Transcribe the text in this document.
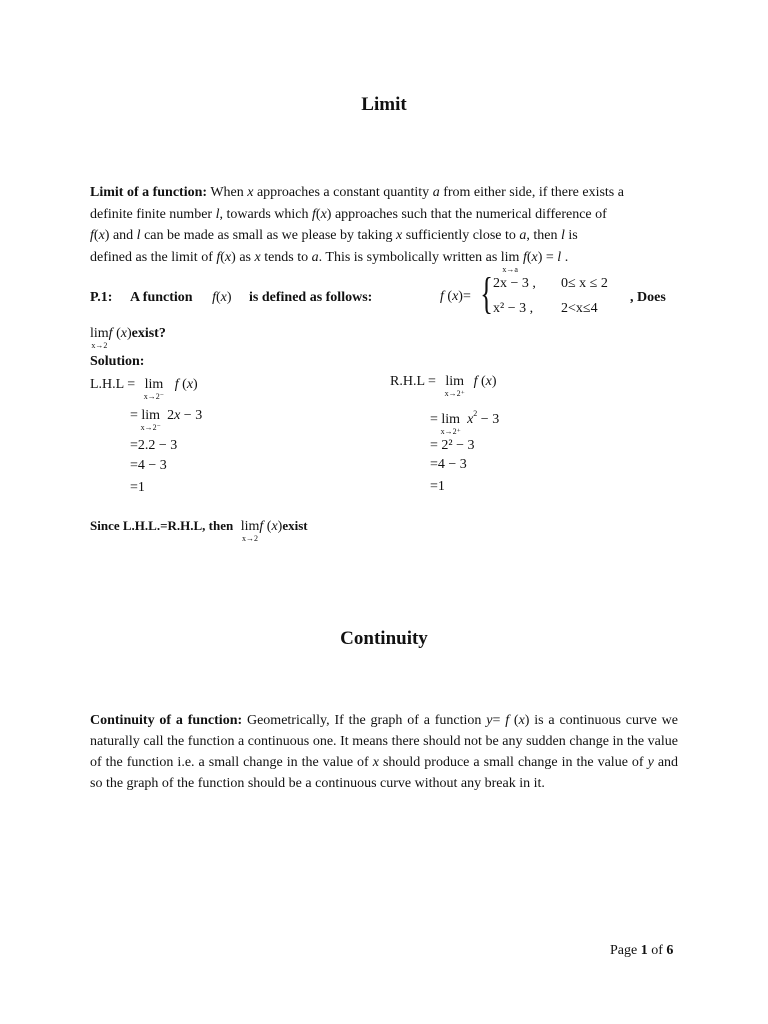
Limit
Limit of a function: When x approaches a constant quantity a from either side, if there exists a
definite finite number l, towards which f(x) approaches such that the numerical difference of
f(x) and l can be made as small as we please by taking x sufficiently close to a, then l is
defined as the limit of f(x) as x tends to a. This is symbolically written as lim
x→a
f(x) = l .
P.1: A function f(x) is defined as follows:	f (x)= { 2x − 3 , 0≤ x ≤ 2
x² − 3 , 2<x≤4
, Does
lim
x→2
f (x)exist?
Solution:
L.H.L = lim
x→2⁻
f (x)
= lim
x→2⁻
2x − 3
=2.2 − 3
=4 − 3
=1
R.H.L = lim
x→2⁺
f (x)
= lim
x→2⁺
$x^2 - 3$
= 2² − 3
=4 − 3
=1
Since L.H.L.=R.H.L, then lim
x→2
f (x)exist
Continuity
Continuity of a function: Geometrically, If the graph of a function y= f (x) is a continuous curve we naturally call the function a continuous one. It means there should not be any sudden change in the value of the function i.e. a small change in the value of x should produce a small change in the value of y and so the graph of the function should be a continuous curve without any break in it.
Page 1 of 6
